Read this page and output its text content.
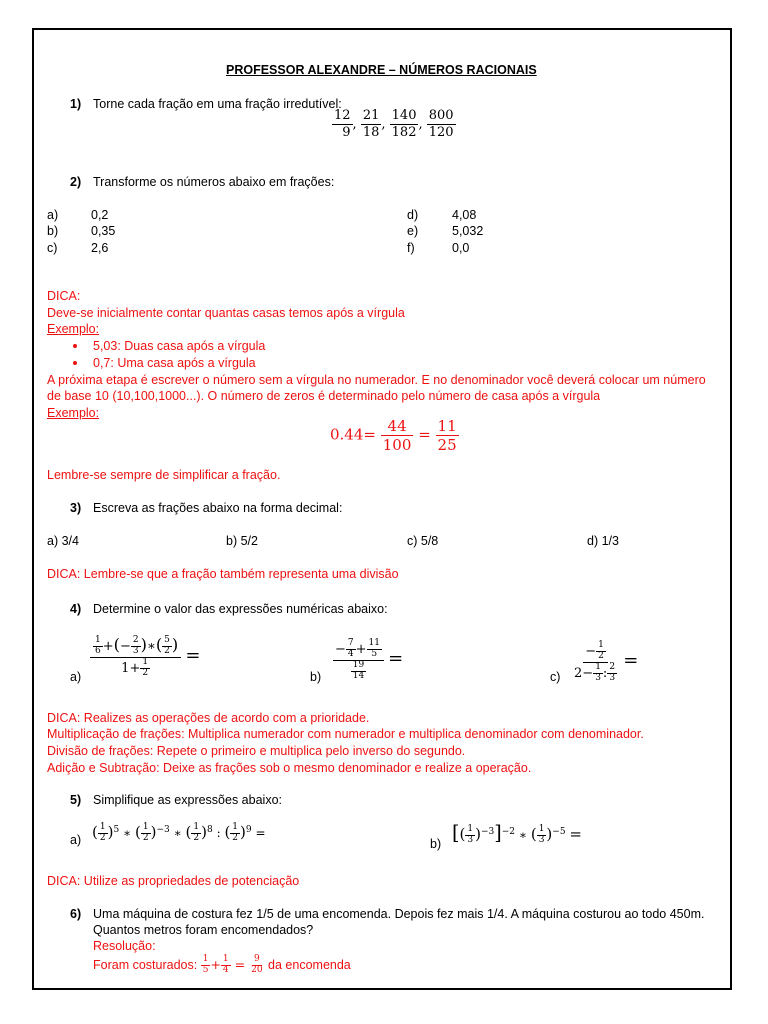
PROFESSOR ALEXANDRE – NÚMEROS RACIONAIS
1) Torne cada fração em uma fração irredutível:
$\frac{12}{9}$ , $\frac{21}{18}$ , $\frac{140}{182}$ , $\frac{800}{120}$
2) Transforme os números abaixo em frações:
a)	0,2
b)	0,35
c)	2,6
d)	4,08
e)	5,032
f)	0,0
DICA:
Deve-se inicialmente contar quantas casas temos após a vírgula
Exemplo:
5,03: Duas casa após a vírgula
0,7: Uma casa após a vírgula
A próxima etapa é escrever o número sem a vírgula no numerador. E no denominador você deverá colocar um número
de base 10 (10,100,1000...). O número de zeros é determinado pelo número de casa após a vírgula
Exemplo:
$0.44= \frac{44}{100} = \frac{11}{25}$
Lembre-se sempre de simplificar a fração.
3) Escreva as frações abaixo na forma decimal:
a) 3/4	b) 5/2	c) 5/8	d) 1/3
DICA: Lembre-se que a fração também representa uma divisão
4) Determine o valor das expressões numéricas abaixo:
$a) \frac{\frac{1}{6} +(- \frac{2}{3} )∗( \frac{5}{2} )}{1+ \frac{1}{2}}$ =
$b) \frac{- \frac{7}{4} + \frac{11}{5}}{\frac{19}{14}}$ =
$c) \frac{- \frac{1}{2}}{2- \frac{1}{3} : \frac{2}{3}}$ =
DICA: Realizes as operações de acordo com a prioridade.
Multiplicação de frações: Multiplica numerador com numerador e multiplica denominador com denominador.
Divisão de frações: Repete o primeiro e multiplica pelo inverso do segundo.
Adição e Subtração: Deixe as frações sob o mesmo denominador e realize a operação.
5) Simplifique as expressões abaixo:
a) ( $\frac{1}{2} )^5$ ∗ ( $\frac{1}{2} )^{-3}$ ∗ ( $\frac{1}{2} )^8$ : ( $\frac{1}{2} )^9$ =
b) [( $\frac{1}{3} )^{-3}]^{-2}$ ∗ ( $\frac{1}{3} )^{-5}$ =
DICA: Utilize as propriedades de potenciação
6) Uma máquina de costura fez 1/5 de uma encomenda. Depois fez mais 1/4. A máquina costurou ao todo 450m.
Quantos metros foram encomendados?
Resolução:
Foram costurados: $\frac{1}{5} + \frac{1}{4} = \frac{9}{20}$ da encomenda
